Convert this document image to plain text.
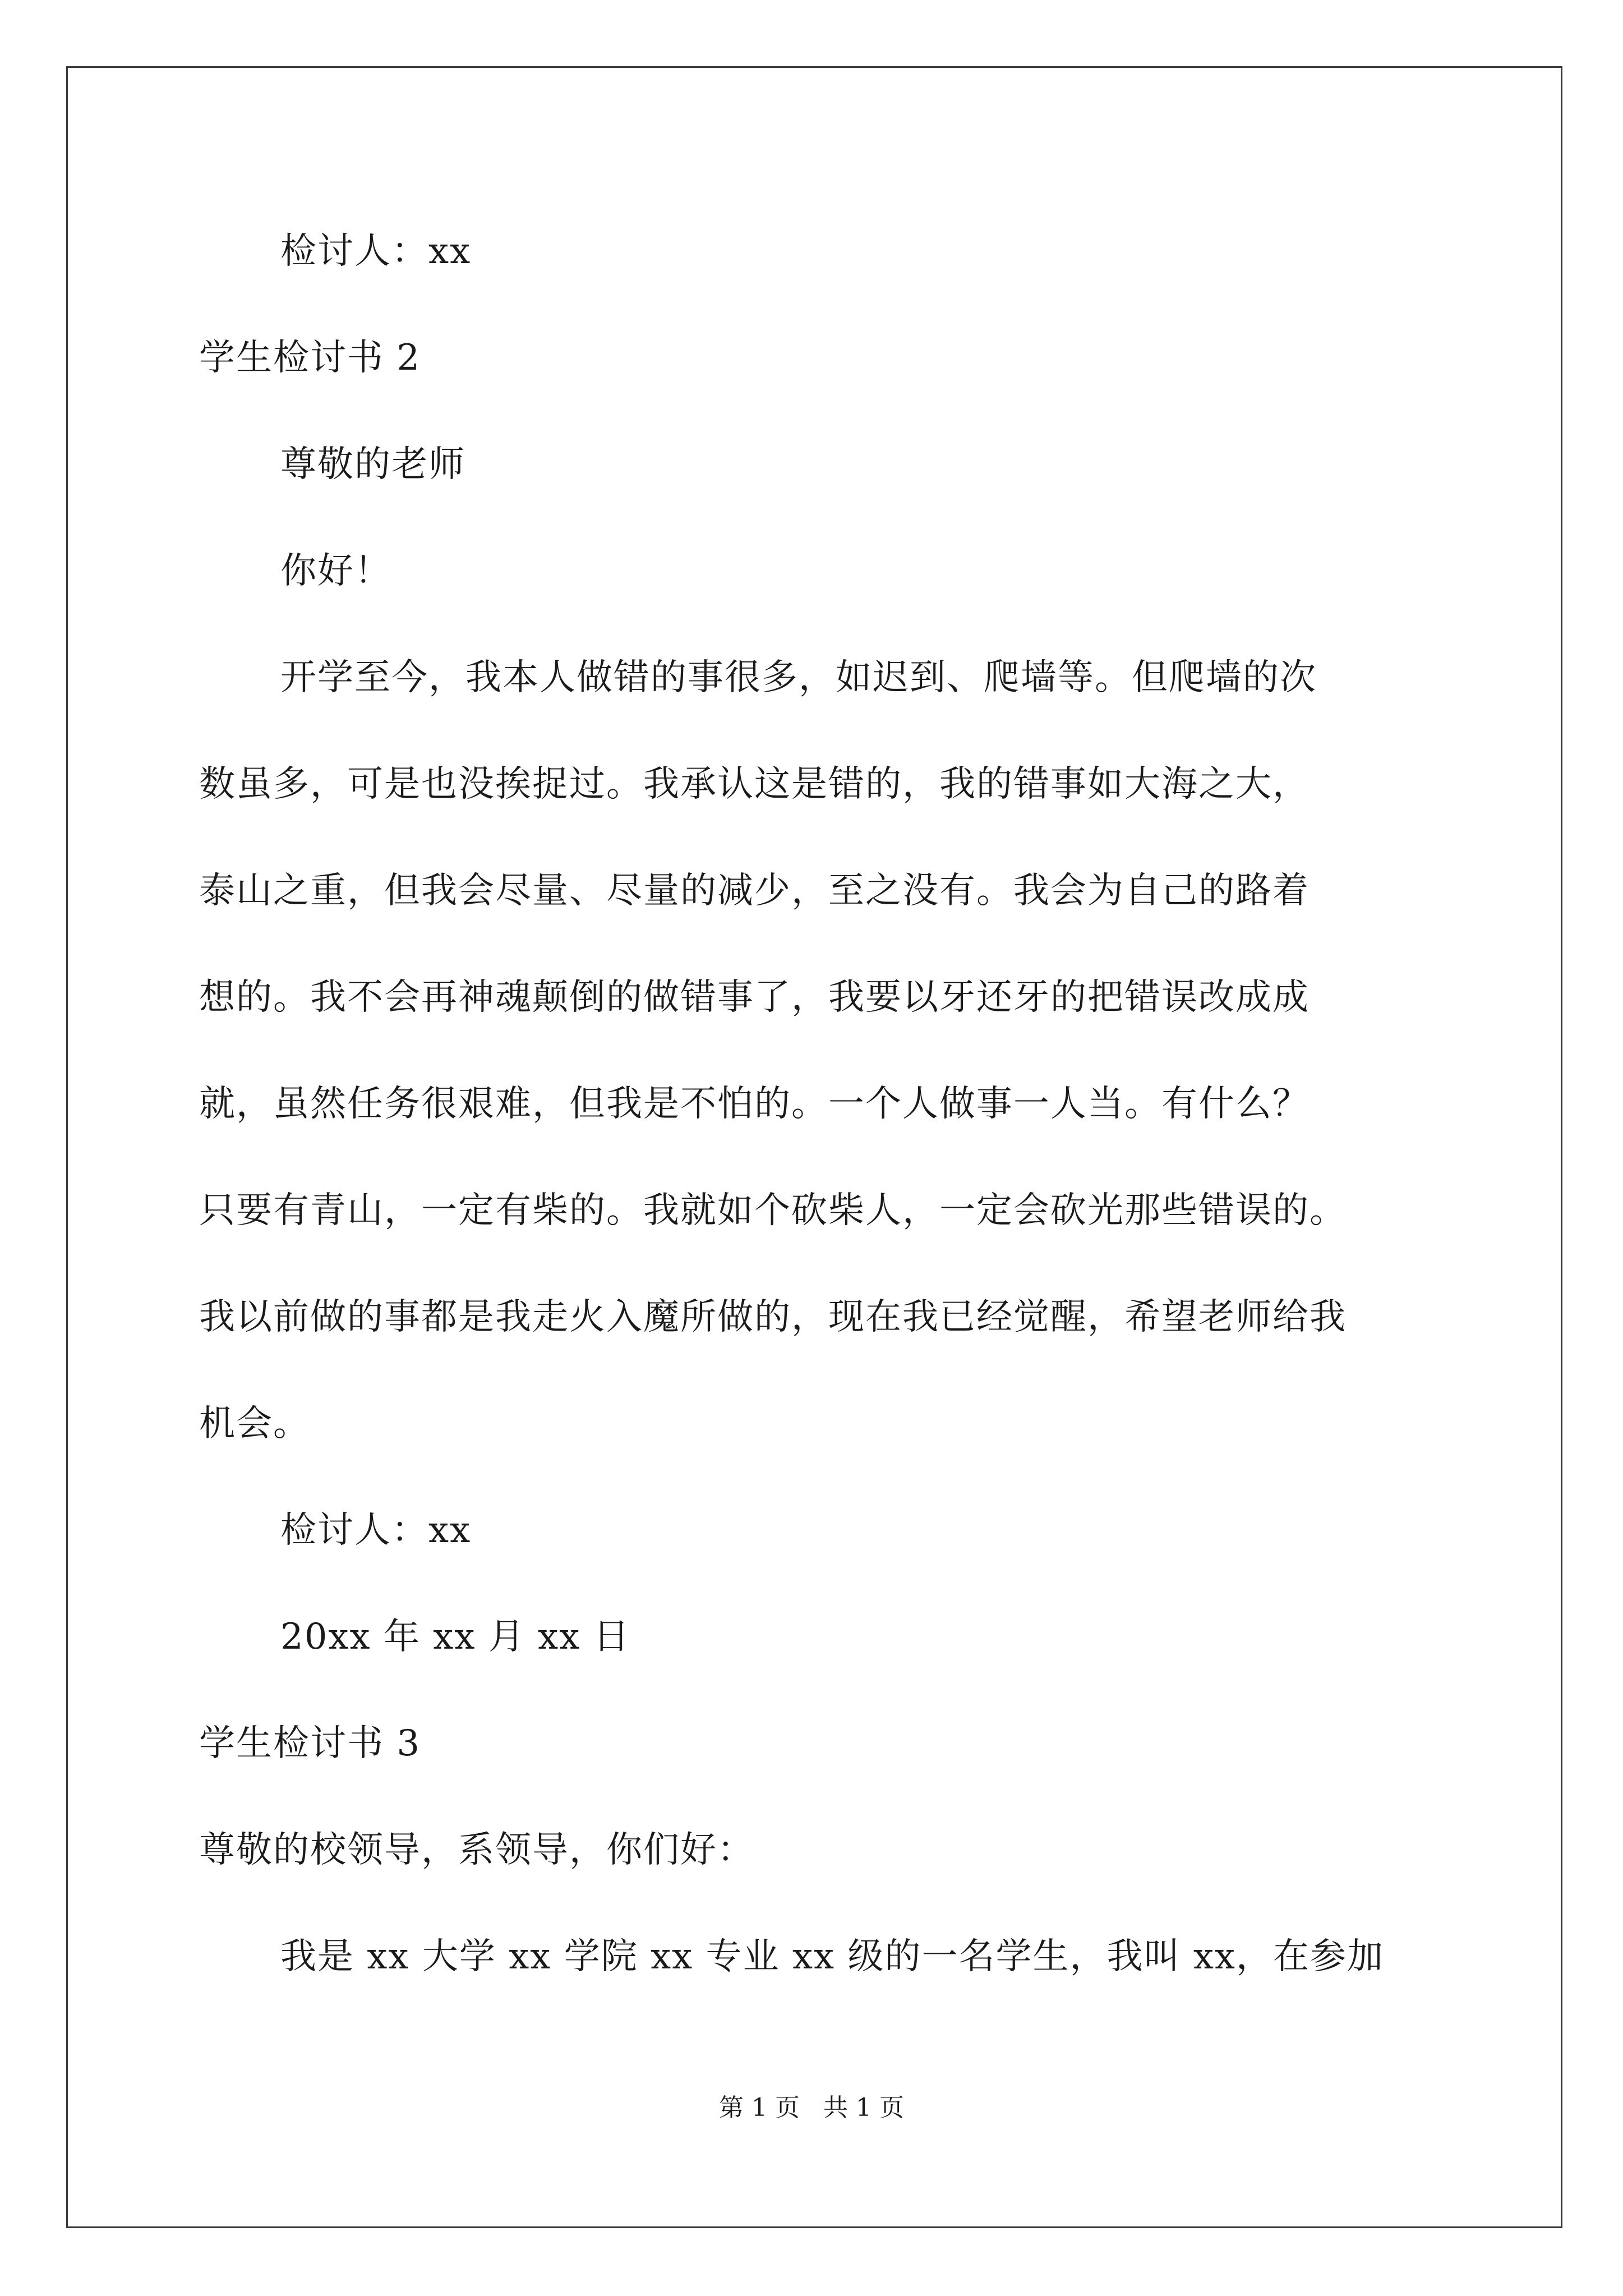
检讨人：xx
学生检讨书 2
尊敬的老师
你好！
开学至今，我本人做错的事很多，如迟到、爬墙等。但爬墙的次
数虽多，可是也没挨捉过。我承认这是错的，我的错事如大海之大，
泰山之重，但我会尽量、尽量的减少，至之没有。我会为自己的路着
想的。我不会再神魂颠倒的做错事了，我要以牙还牙的把错误改成成
就，虽然任务很艰难，但我是不怕的。一个人做事一人当。有什么？
只要有青山，一定有柴的。我就如个砍柴人，一定会砍光那些错误的。
我以前做的事都是我走火入魔所做的，现在我已经觉醒，希望老师给我
机会。
检讨人：xx
20xx 年 xx 月 xx 日
学生检讨书 3
尊敬的校领导，系领导，你们好：
我是 xx 大学 xx 学院 xx 专业 xx 级的一名学生，我叫 xx，在参加
第 1 页   共 1 页
